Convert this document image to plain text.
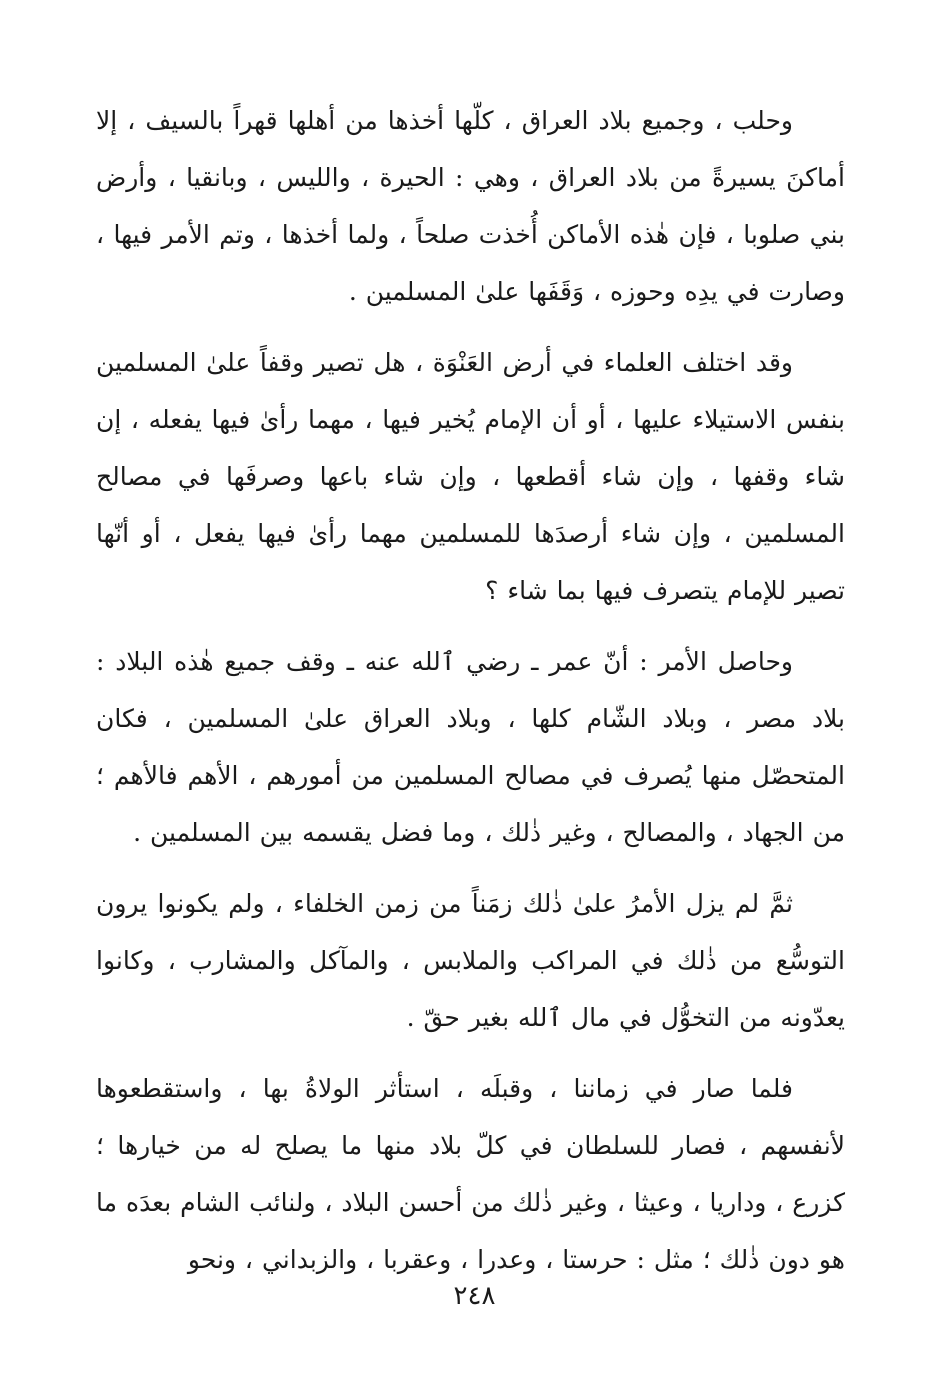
وحلب ، وجميع بلاد العراق ، كلّها أخذها من أهلها قهراً بالسيف ، إلا أماكنَ يسيرةً من بلاد العراق ، وهي : الحيرة ، والليس ، وبانقيا ، وأرض بني صلوبا ، فإن هٰذه الأماكن أُخذت صلحاً ، ولما أخذها ، وتم الأمر فيها ، وصارت في يدِه وحوزه ، وَقَفَها علىٰ المسلمين .

وقد اختلف العلماء في أرض العَنْوَة ، هل تصير وقفاً علىٰ المسلمين بنفس الاستيلاء عليها ، أو أن الإمام يُخير فيها ، مهما رأىٰ فيها يفعله ، إن شاء وقفها ، وإن شاء أقطعها ، وإن شاء باعها وصرفَها في مصالح المسلمين ، وإن شاء أرصدَها للمسلمين مهما رأىٰ فيها يفعل ، أو أنّها تصير للإمام يتصرف فيها بما شاء ؟

وحاصل الأمر : أنّ عمر ـ رضي ٱلله عنه ـ وقف جميع هٰذه البلاد : بلاد مصر ، وبلاد الشّام كلها ، وبلاد العراق علىٰ المسلمين ، فكان المتحصّل منها يُصرف في مصالح المسلمين من أمورهم ، الأهم فالأهم ؛ من الجهاد ، والمصالح ، وغير ذٰلك ، وما فضل يقسمه بين المسلمين .

ثمَّ لم يزل الأمرُ علىٰ ذٰلك زمَناً من زمن الخلفاء ، ولم يكونوا يرون التوسُّع من ذٰلك في المراكب والملابس ، والمآكل والمشارب ، وكانوا يعدّونه من التخوُّل في مال ٱلله بغير حقّ .

فلما صار في زماننا ، وقبلَه ، استأثر الولاةُ بها ، واستقطعوها لأنفسهم ، فصار للسلطان في كلّ بلاد منها ما يصلح له من خيارها ؛ كزرع ، وداريا ، وعيثا ، وغير ذٰلك من أحسن البلاد ، ولنائب الشام بعدَه ما هو دون ذٰلك ؛ مثل : حرستا ، وعدرا ، وعقربا ، والزبداني ، ونحو

٢٤٨
